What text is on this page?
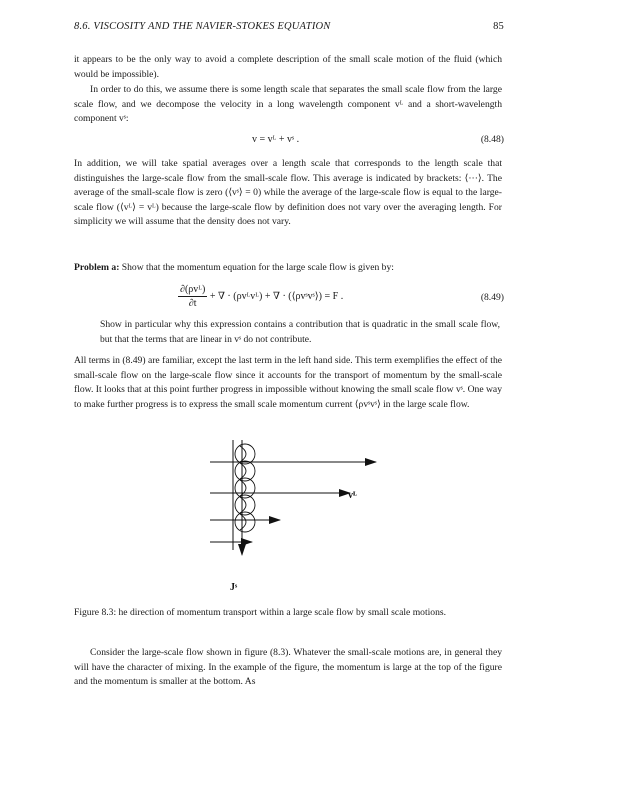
8.6. VISCOSITY AND THE NAVIER-STOKES EQUATION	85

it appears to be the only way to avoid a complete description of the small scale motion of the fluid (which would be impossible).

In order to do this, we assume there is some length scale that separates the small scale flow from the large scale flow, and we decompose the velocity in a long wavelength component vᴸ and a short-wavelength component vˢ:

v = vᴸ + vˢ .	(8.48)

In addition, we will take spatial averages over a length scale that corresponds to the length scale that distinguishes the large-scale flow from the small-scale flow. This average is indicated by brackets: ⟨···⟩. The average of the small-scale flow is zero (⟨vˢ⟩ = 0) while the average of the large-scale flow is equal to the large-scale flow (⟨vᴸ⟩ = vᴸ) because the large-scale flow by definition does not vary over the averaging length. For simplicity we will assume that the density does not vary.

Problem a: Show that the momentum equation for the large scale flow is given by:
$\frac{\text{∂(ρvᴸ)}}{\partial t}$ + ∇ · (ρvᴸvᴸ) + ∇ · (⟨ρvˢvˢ⟩) = F .	(8.49)

Show in particular why this expression contains a contribution that is quadratic in the small scale flow, but that the terms that are linear in vˢ do not contribute.

All terms in (8.49) are familiar, except the last term in the left hand side. This term exemplifies the effect of the small-scale flow on the large-scale flow since it accounts for the transport of momentum by the small-scale flow. It looks that at this point further progress in impossible without knowing the small scale flow vˢ. One way to make further progress is to express the small scale momentum current ⟨ρvˢvˢ⟩ in the large scale flow.

vᴸ
Jˢ

Figure 8.3: he direction of momentum transport within a large scale flow by small scale motions.

Consider the large-scale flow shown in figure (8.3). Whatever the small-scale motions are, in general they will have the character of mixing. In the example of the figure, the momentum is large at the top of the figure and the momentum is smaller at the bottom. As
